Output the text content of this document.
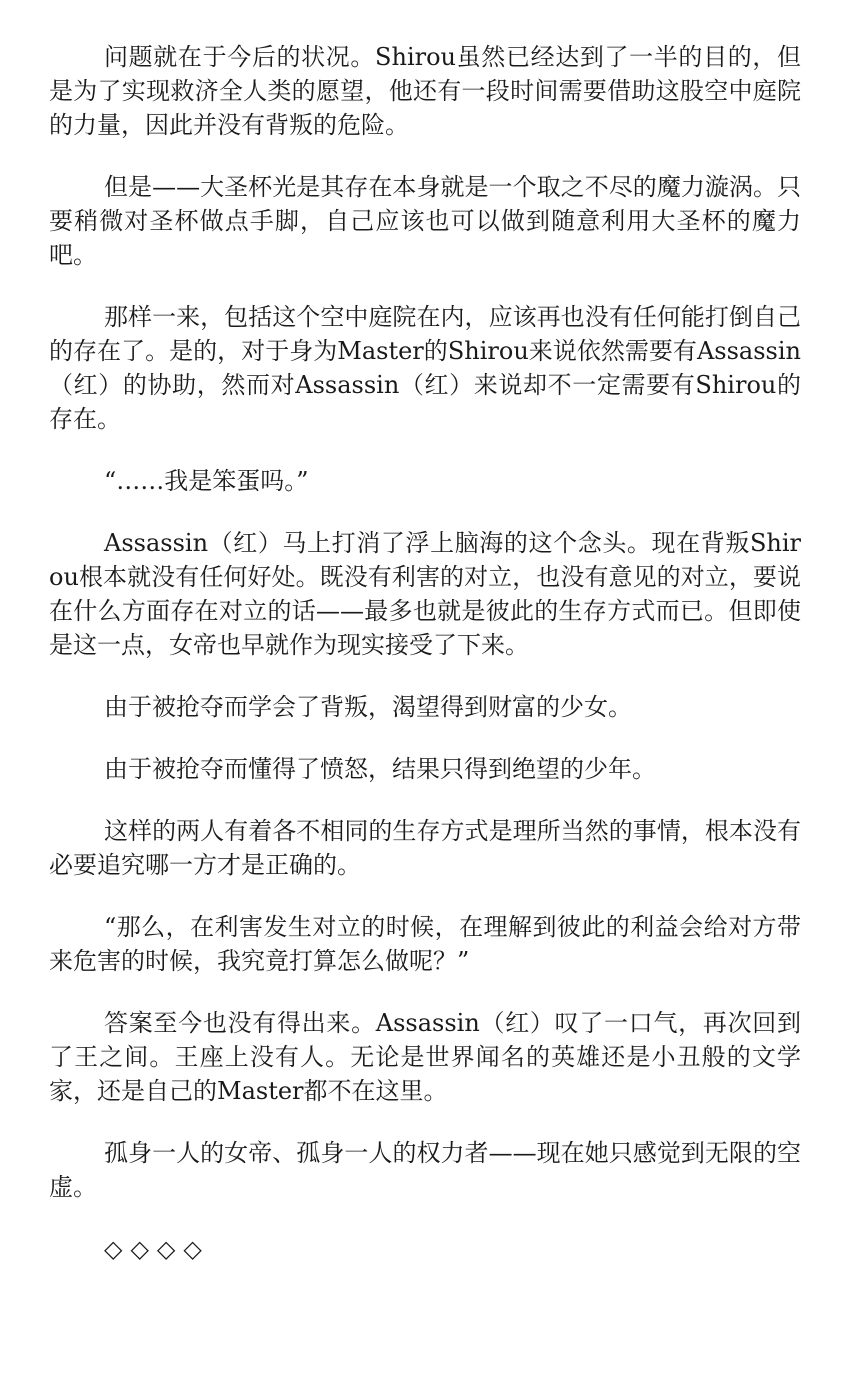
问题就在于今后的状况。Shirou虽然已经达到了一半的目的，但是为了实现救济全人类的愿望，他还有一段时间需要借助这股空中庭院的力量，因此并没有背叛的危险。

但是——大圣杯光是其存在本身就是一个取之不尽的魔力漩涡。只要稍微对圣杯做点手脚，自己应该也可以做到随意利用大圣杯的魔力吧。

那样一来，包括这个空中庭院在内，应该再也没有任何能打倒自己的存在了。是的，对于身为Master的Shirou来说依然需要有Assassin（红）的协助，然而对Assassin（红）来说却不一定需要有Shirou的存在。

“……我是笨蛋吗。”

Assassin（红）马上打消了浮上脑海的这个念头。现在背叛Shirou根本就没有任何好处。既没有利害的对立，也没有意见的对立，要说在什么方面存在对立的话——最多也就是彼此的生存方式而已。但即使是这一点，女帝也早就作为现实接受了下来。

由于被抢夺而学会了背叛，渴望得到财富的少女。

由于被抢夺而懂得了愤怒，结果只得到绝望的少年。

这样的两人有着各不相同的生存方式是理所当然的事情，根本没有必要追究哪一方才是正确的。

“那么，在利害发生对立的时候，在理解到彼此的利益会给对方带来危害的时候，我究竟打算怎么做呢？”

答案至今也没有得出来。Assassin（红）叹了一口气，再次回到了王之间。王座上没有人。无论是世界闻名的英雄还是小丑般的文学家，还是自己的Master都不在这里。

孤身一人的女帝、孤身一人的权力者——现在她只感觉到无限的空虚。

◇◇◇◇
